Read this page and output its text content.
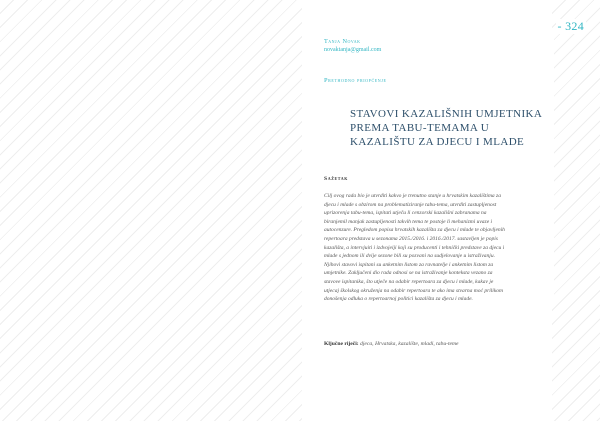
- 324
Tanja Novak
novaktanja@gmail.com
Prethodno priopćenje
STAVOVI KAZALIŠNIH UMJETNIKA
PREMA TABU-TEMAMA U
KAZALIŠTU ZA DJECU I MLADE
Sažetak
Cilj ovog rada bio je utvrditi kakvo je trenutno stanje u hrvatskim kazalištima za
djecu i mlade s obzirom na problematiziranje tabu-tema, utvrditi zastupljenost
uprizorenja tabu-tema, ispitati utječu li cenzorski kazališni zabranama na
biranjemil manjak zastupljenosti takvih tema te postoje li mehanizmi uvaze i
autocenzure. Pregledom popisa hrvatskih kazališta za djecu i mlade te objavljenih
repertoara predstava u sezonama 2015./2016. i 2016./2017. sastavljen je popis
kazališta, a intervjuiti i izdvojeiji koji su producenti i tehnički predstave za djecu i
mlade s jednom ili dvije sezone bili su pozvani na sudjelovanje u istraživanju.
Njihovi stavovi ispitani su anketnim listom za ravnatelje i anketnim listom za
umjetnike. Zaključeni dio rada odnosi se na istraživanje konteksta vezano za
stavove ispitanika, što utječe na odabir repertoara za djecu i mlade, kakav je
utjecaj školskog okruženja na odabir repertoara te ako ima stvarna moć prilikom
donošenja odluka o repertoarnoj politici kazališta za djecu i mlade.
Ključne riječi: djeca, Hrvatska, kazalište, mladi, tabu-teme
